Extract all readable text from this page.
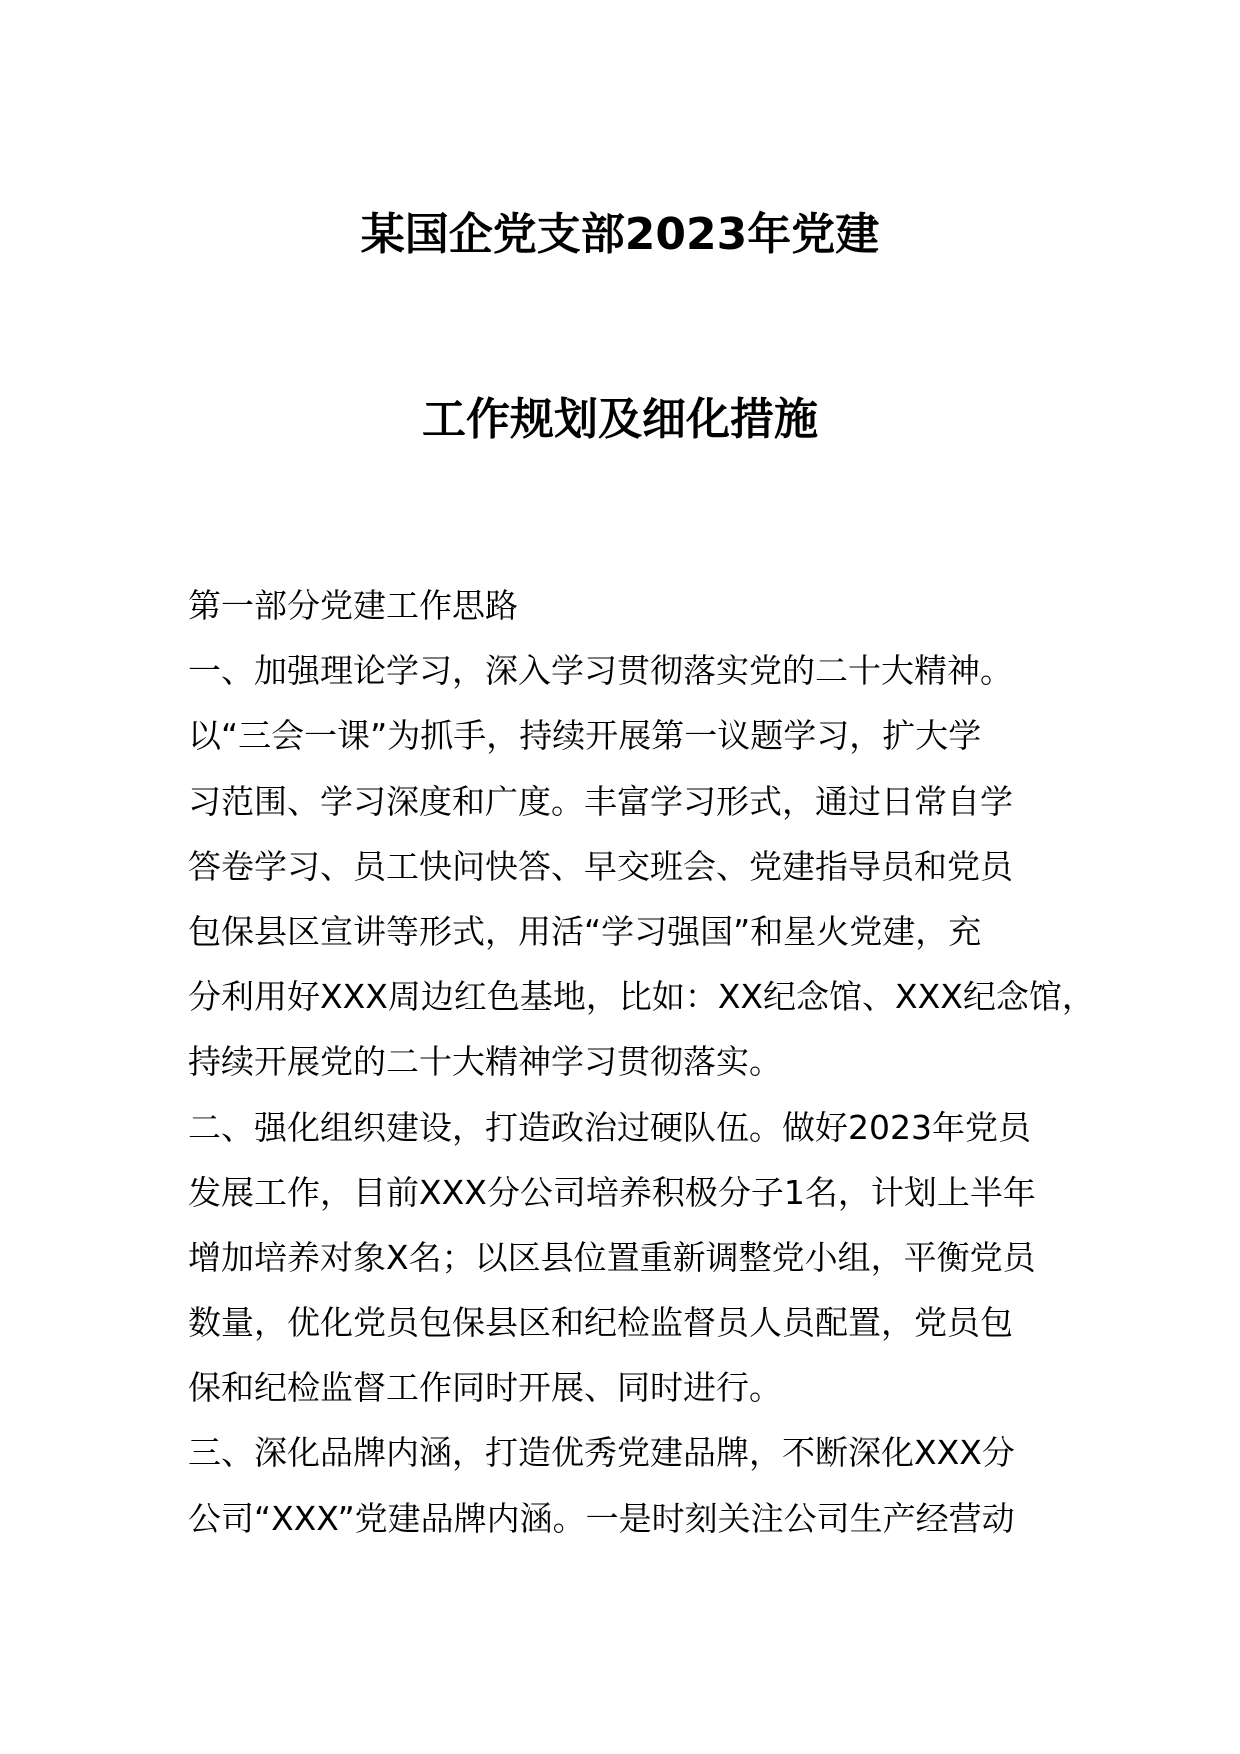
某国企党支部2023年党建
工作规划及细化措施
第一部分党建工作思路
一、加强理论学习，深入学习贯彻落实党的二十大精神。
以“三会一课”为抓手，持续开展第一议题学习，扩大学
习范围、学习深度和广度。丰富学习形式，通过日常自学
答卷学习、员工快问快答、早交班会、党建指导员和党员
包保县区宣讲等形式，用活“学习强国”和星火党建，充
分利用好XXX周边红色基地，比如：XX纪念馆、XXX纪念馆，
持续开展党的二十大精神学习贯彻落实。
二、强化组织建设，打造政治过硬队伍。做好2023年党员
发展工作，目前XXX分公司培养积极分子1名，计划上半年
增加培养对象X名；以区县位置重新调整党小组，平衡党员
数量，优化党员包保县区和纪检监督员人员配置，党员包
保和纪检监督工作同时开展、同时进行。
三、深化品牌内涵，打造优秀党建品牌，不断深化XXX分
公司“XXX”党建品牌内涵。一是时刻关注公司生产经营动
